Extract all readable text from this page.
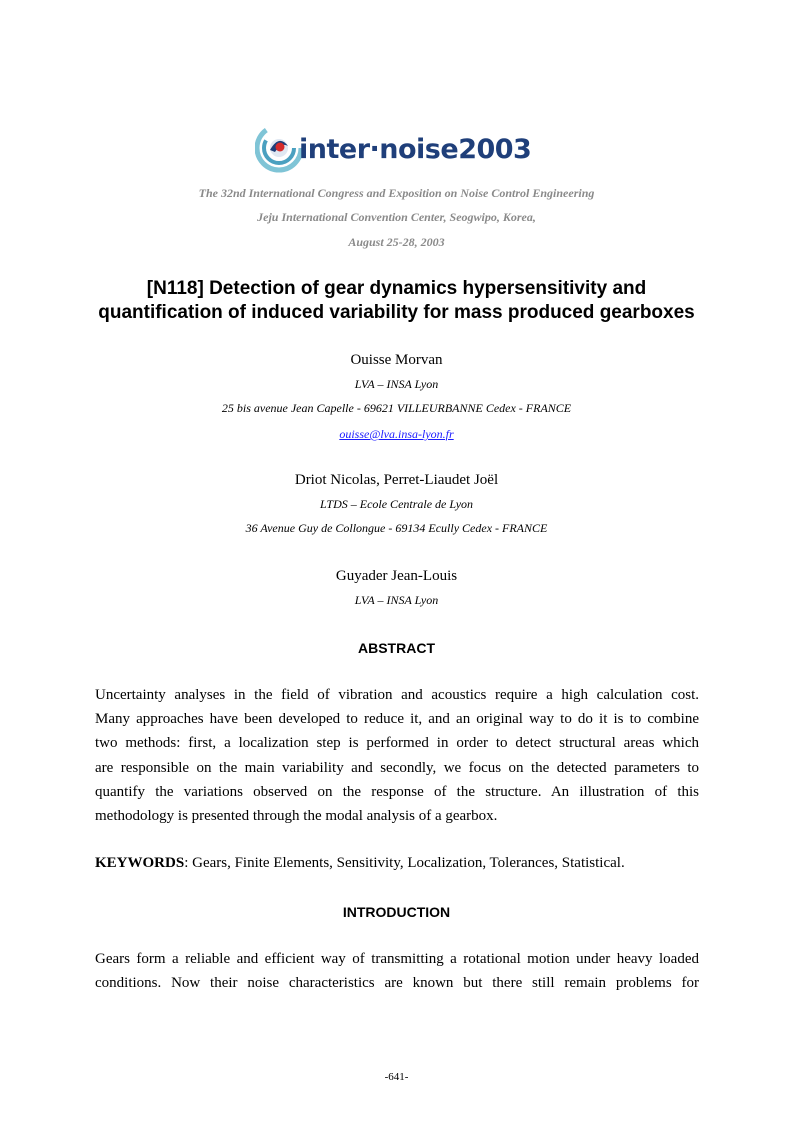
inter·noise2003
The 32nd International Congress and Exposition on Noise Control Engineering
Jeju International Convention Center, Seogwipo, Korea,
August 25-28, 2003
[N118] Detection of gear dynamics hypersensitivity and
quantification of induced variability for mass produced gearboxes
Ouisse Morvan
LVA – INSA Lyon
25 bis avenue Jean Capelle - 69621 VILLEURBANNE Cedex - FRANCE
ouisse@lva.insa-lyon.fr
Driot Nicolas, Perret-Liaudet Joël
LTDS – Ecole Centrale de Lyon
36 Avenue Guy de Collongue - 69134 Ecully Cedex - FRANCE
Guyader Jean-Louis
LVA – INSA Lyon
ABSTRACT
Uncertainty analyses in the field of vibration and acoustics require a high calculation cost.
Many approaches have been developed to reduce it, and an original way to do it is to combine
two methods: first, a localization step is performed in order to detect structural areas which
are responsible on the main variability and secondly, we focus on the detected parameters to
quantify the variations observed on the response of the structure. An illustration of this
methodology is presented through the modal analysis of a gearbox.
KEYWORDS: Gears, Finite Elements, Sensitivity, Localization, Tolerances, Statistical.
INTRODUCTION
Gears form a reliable and efficient way of transmitting a rotational motion under heavy loaded
conditions. Now their noise characteristics are known but there still remain problems for
-641-
